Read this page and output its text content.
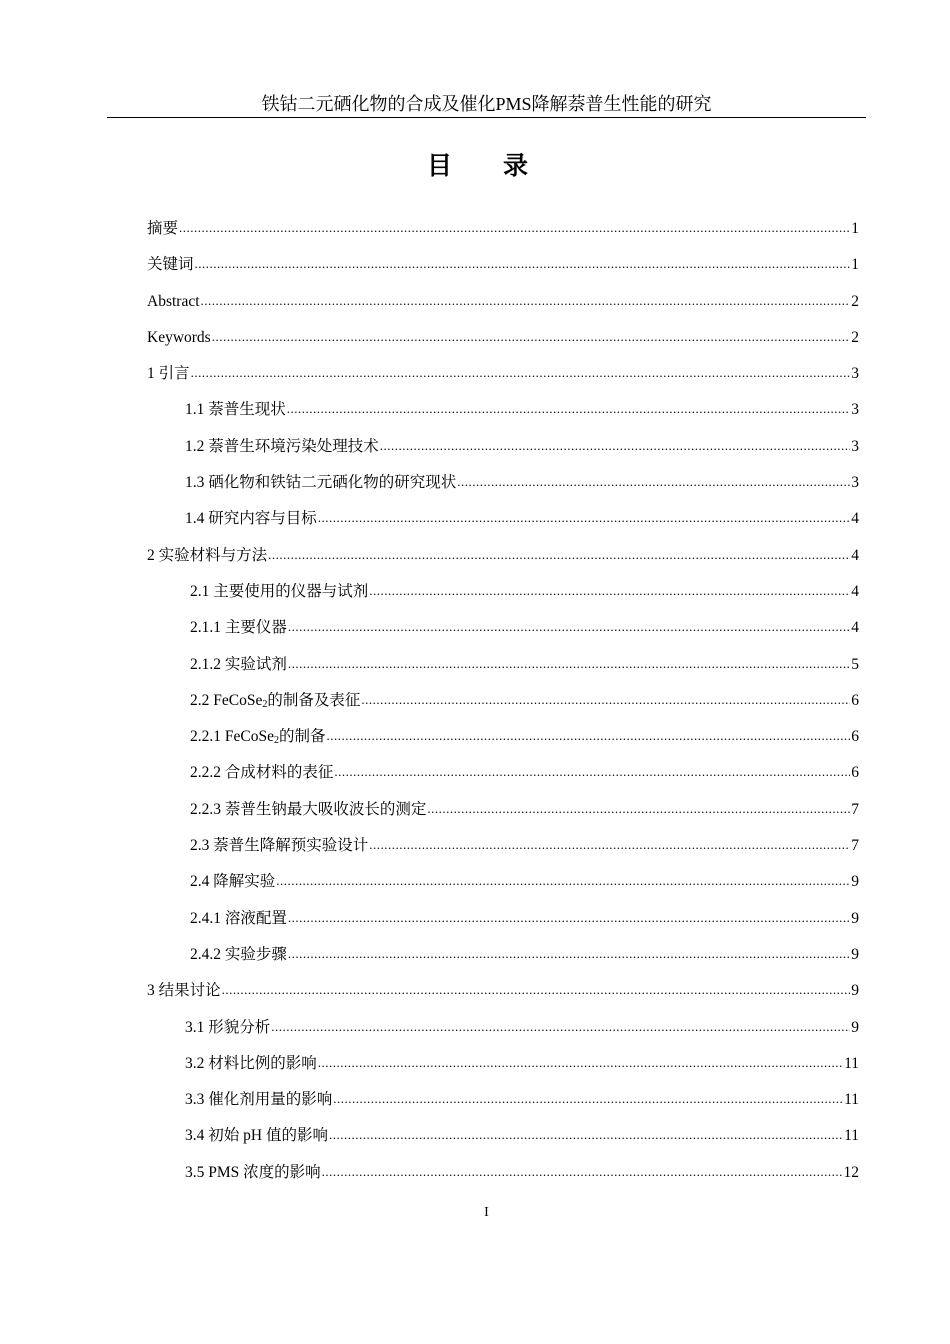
铁钴二元硒化物的合成及催化PMS降解萘普生性能的研究
目录
摘要 .....	1
关键词 .....	1
Abstract .....	2
Keywords .....	2
1 引言 .....	3
1.1 萘普生现状 .....	3
1.2 萘普生环境污染处理技术 .....	3
1.3 硒化物和铁钴二元硒化物的研究现状 .....	3
1.4 研究内容与目标 .....	4
2 实验材料与方法 .....	4
2.1 主要使用的仪器与试剂 .....	4
2.1.1 主要仪器 .....	4
2.1.2 实验试剂 .....	5
2.2 FeCoSe$_2$的制备及表征 .....	6
2.2.1 FeCoSe$_2$的制备 .....	6
2.2.2 合成材料的表征 .....	6
2.2.3 萘普生钠最大吸收波长的测定 .....	7
2.3 萘普生降解预实验设计 .....	7
2.4 降解实验 .....	9
2.4.1 溶液配置 .....	9
2.4.2 实验步骤 .....	9
3 结果讨论 .....	9
3.1 形貌分析 .....	9
3.2 材料比例的影响 .....	11
3.3 催化剂用量的影响 .....	11
3.4 初始 pH 值的影响 .....	11
3.5 PMS 浓度的影响 .....	12
I
